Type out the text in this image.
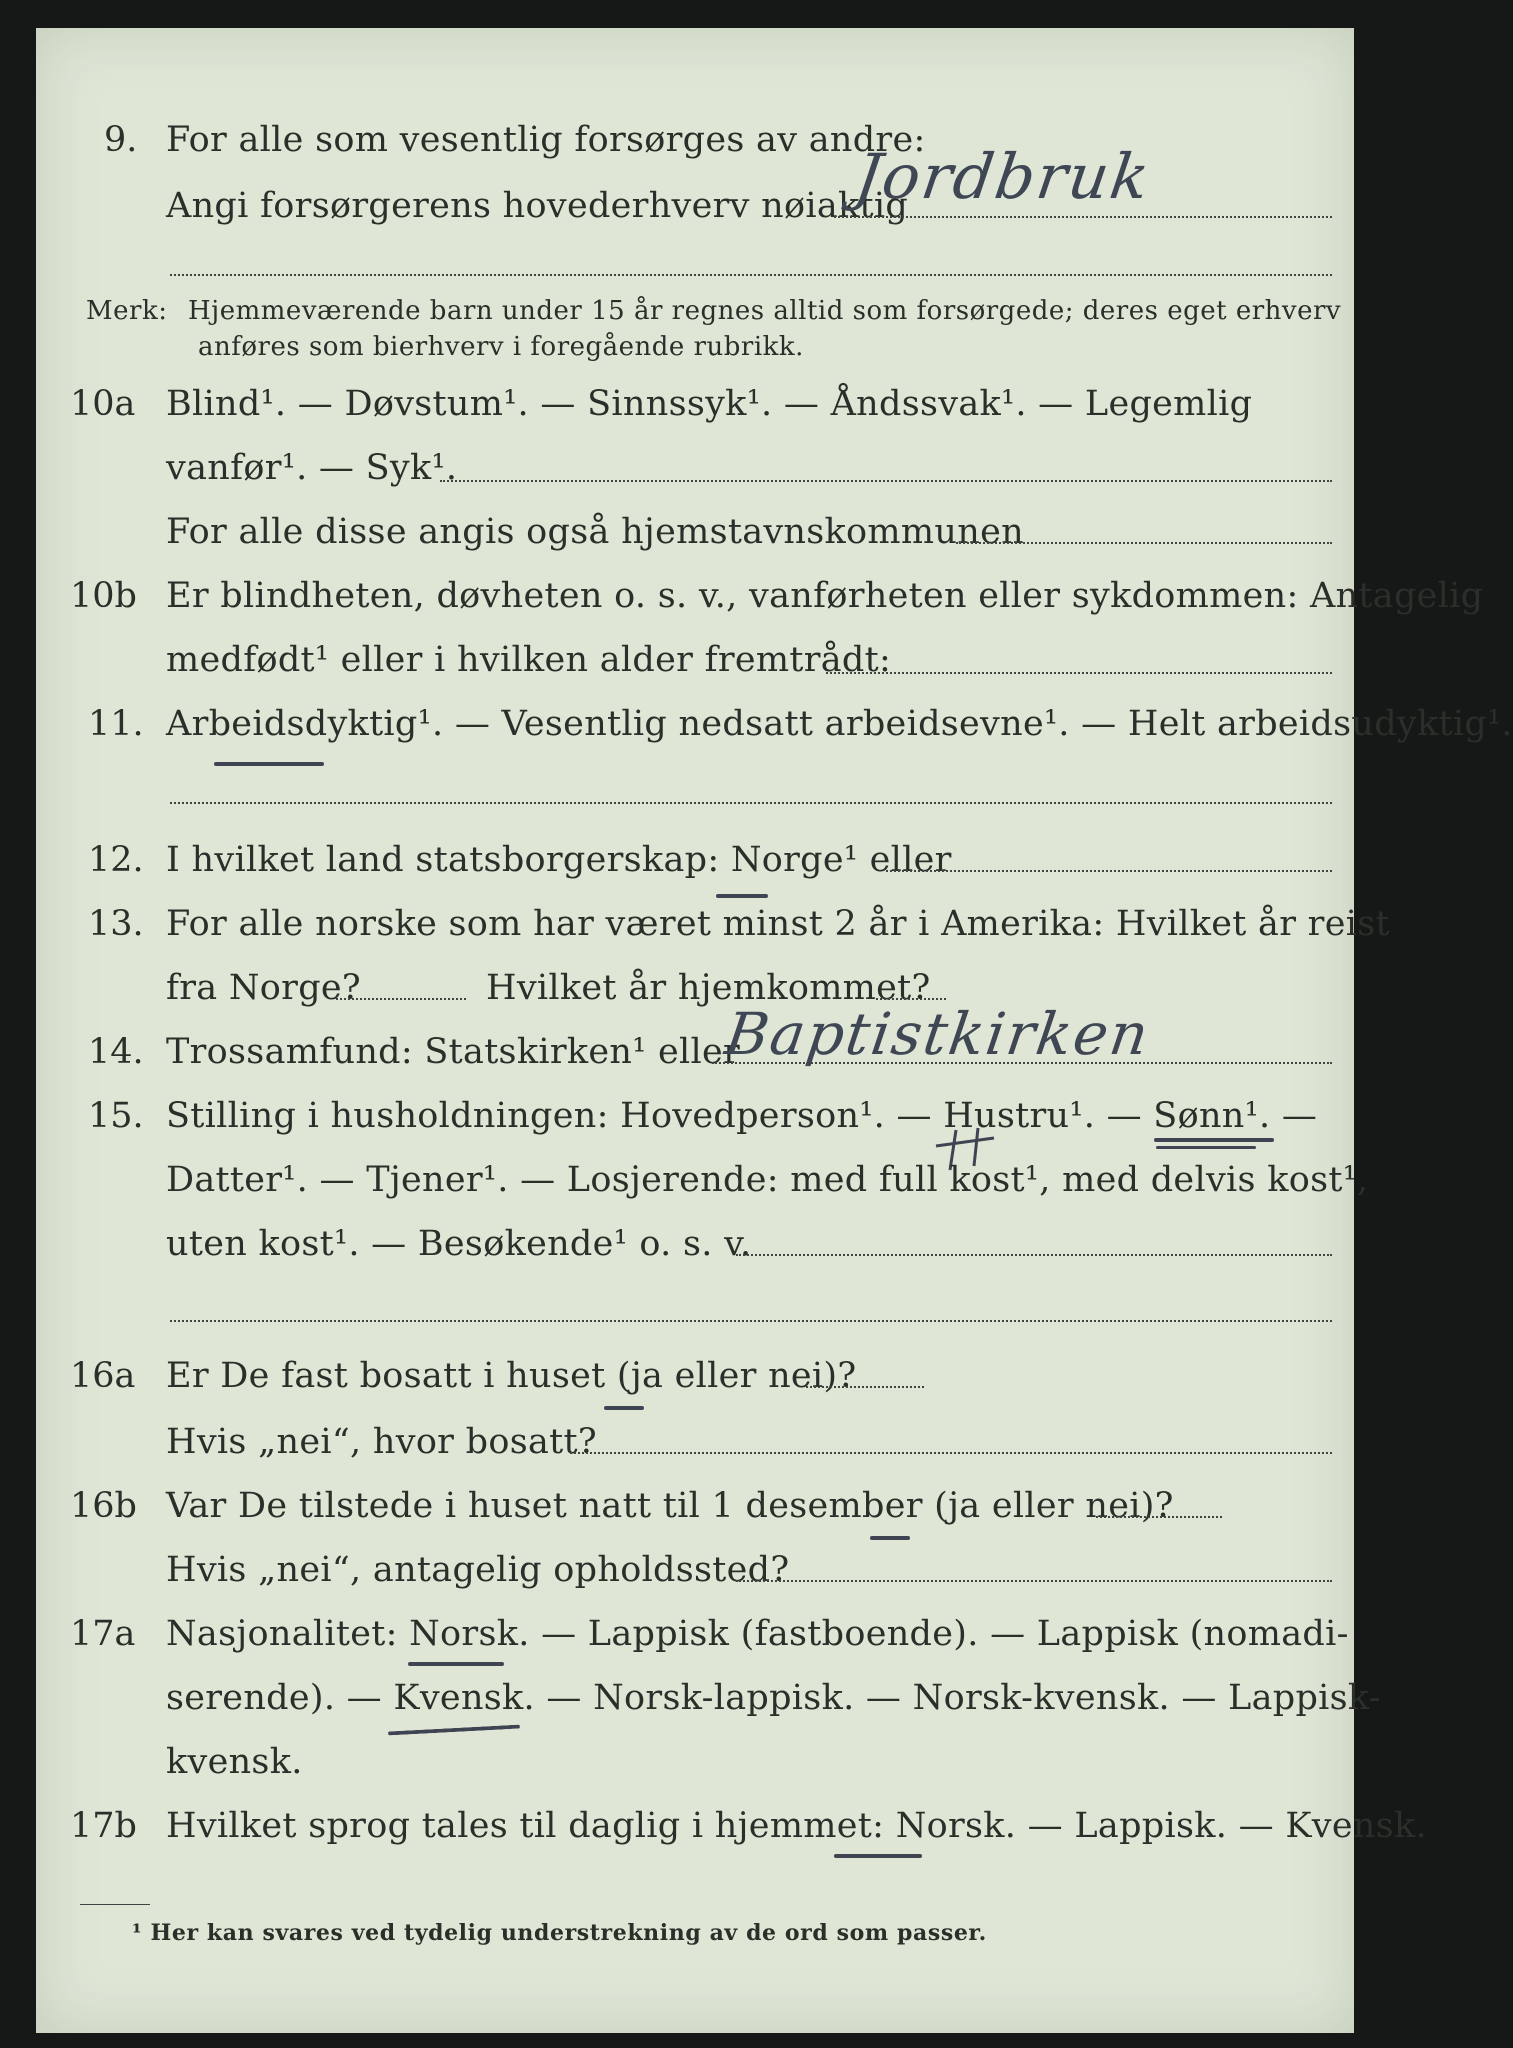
9. For alle som vesentlig forsørges av andre:
Angi forsørgerens hovederhverv nøiaktig
Jordbruk
Merk: Hjemmeværende barn under 15 år regnes alltid som forsørgede; deres eget erhverv
anføres som bierhverv i foregående rubrikk.
10a Blind¹. — Døvstum¹. — Sinnssyk¹. — Åndssvak¹. — Legemlig
vanfør¹. — Syk¹.
For alle disse angis også hjemstavnskommunen
10b Er blindheten, døvheten o. s. v., vanførheten eller sykdommen: Antagelig
medfødt¹ eller i hvilken alder fremtrådt:
11. Arbeidsdyktig¹. — Vesentlig nedsatt arbeidsevne¹. — Helt arbeidsudyktig¹.
12. I hvilket land statsborgerskap: Norge¹ eller
13. For alle norske som har været minst 2 år i Amerika: Hvilket år reist
fra Norge?	Hvilket år hjemkommet?
14. Trossamfund: Statskirken¹ eller
Baptistkirken
15. Stilling i husholdningen: Hovedperson¹. — Hustru¹. — Sønn¹. —
Datter¹. — Tjener¹. — Losjerende: med full kost¹, med delvis kost¹,
uten kost¹. — Besøkende¹ o. s. v.
16a Er De fast bosatt i huset (ja eller nei)?
Hvis „nei“, hvor bosatt?
16b Var De tilstede i huset natt til 1 desember (ja eller nei)?
Hvis „nei“, antagelig opholdssted?
17a Nasjonalitet: Norsk. — Lappisk (fastboende). — Lappisk (nomadi-
serende). — Kvensk. — Norsk-lappisk. — Norsk-kvensk. — Lappisk-
kvensk.
17b Hvilket sprog tales til daglig i hjemmet: Norsk. — Lappisk. — Kvensk.
¹ Her kan svares ved tydelig understrekning av de ord som passer.
